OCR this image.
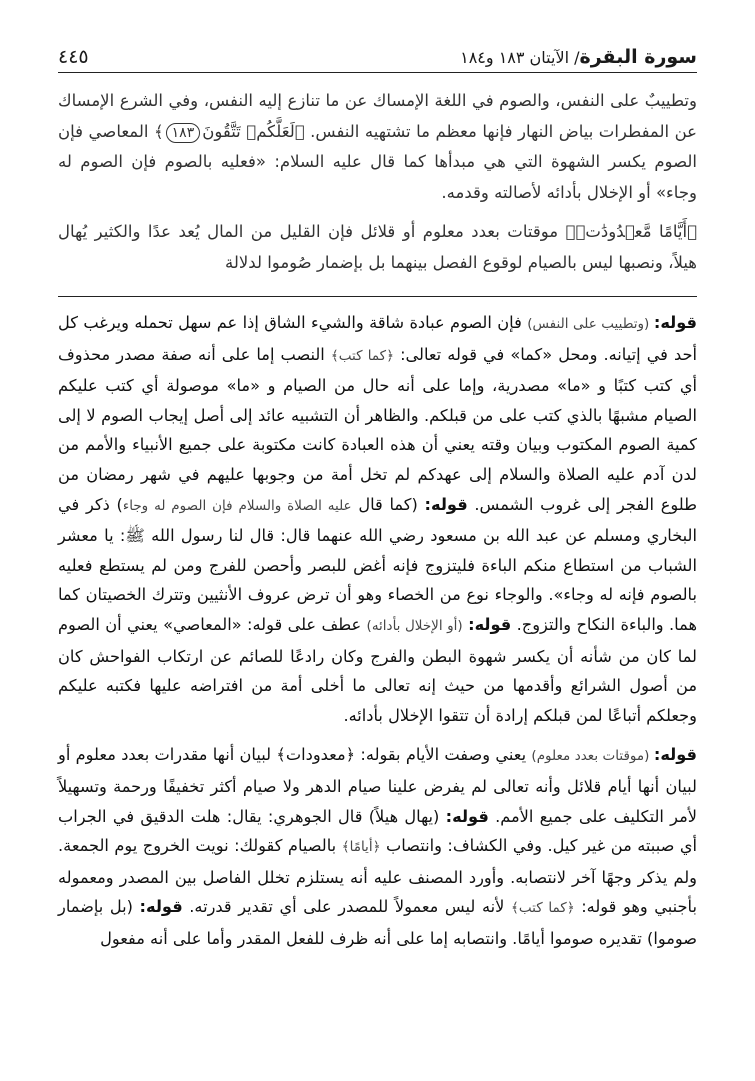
سورة البقرة/ الآيتان ١٨٣ و١٨٤
٤٤٥
وتطييبٌ على النفس، والصوم في اللغة الإمساك عن ما تنازع إليه النفس، وفي الشرع الإمساك عن المفطرات بياض النهار فإنها معظم ما تشتهيه النفس. ﴿لَعَلَّكُمۡ تَتَّقُونَ١٨٣﴾ المعاصي فإن الصوم يكسر الشهوة التي هي مبدأها كما قال عليه السلام: «فعليه بالصوم فإن الصوم له وجاء» أو الإخلال بأدائه لأصالته وقدمه.
﴿أَيَّامًا مَّعۡدُودَٰتٖ﴾ موقتات بعدد معلوم أو قلائل فإن القليل من المال يُعد عدًا والكثير يُهال هيلاً، ونصبها ليس بالصيام لوقوع الفصل بينهما بل بإضمار صُوموا لدلالة

قوله: (وتطييب على النفس) فإن الصوم عبادة شاقة والشيء الشاق إذا عم سهل تحمله ويرغب كل أحد في إتيانه. ومحل «كما» في قوله تعالى: ﴿كما كتب﴾ النصب إما على أنه صفة مصدر محذوف أي كتب كتبًا و «ما» مصدرية، وإما على أنه حال من الصيام و «ما» موصولة أي كتب عليكم الصيام مشبهًا بالذي كتب على من قبلكم. والظاهر أن التشبيه عائد إلى أصل إيجاب الصوم لا إلى كمية الصوم المكتوب وبيان وقته يعني أن هذه العبادة كانت مكتوبة على جميع الأنبياء والأمم من لدن آدم عليه الصلاة والسلام إلى عهدكم لم تخل أمة من وجوبها عليهم في شهر رمضان من طلوع الفجر إلى غروب الشمس. قوله: (كما قال عليه الصلاة والسلام فإن الصوم له وجاء) ذكر في البخاري ومسلم عن عبد الله بن مسعود رضي الله عنهما قال: قال لنا رسول الله ﷺ: يا معشر الشباب من استطاع منكم الباءة فليتزوج فإنه أغض للبصر وأحصن للفرج ومن لم يستطع فعليه بالصوم فإنه له وجاء». والوجاء نوع من الخصاء وهو أن ترض عروف الأنثيين وتترك الخصيتان كما هما. والباءة النكاح والتزوج. قوله: (أو الإخلال بأدائه) عطف على قوله: «المعاصي» يعني أن الصوم لما كان من شأنه أن يكسر شهوة البطن والفرج وكان رادعًا للصائم عن ارتكاب الفواحش كان من أصول الشرائع وأقدمها من حيث إنه تعالى ما أخلى أمة من افتراضه عليها فكتبه عليكم وجعلكم أتباعًا لمن قبلكم إرادة أن تتقوا الإخلال بأدائه.

قوله: (موقتات بعدد معلوم) يعني وصفت الأيام بقوله: ﴿معدودات﴾ لبيان أنها مقدرات بعدد معلوم أو لبيان أنها أيام قلائل وأنه تعالى لم يفرض علينا صيام الدهر ولا صيام أكثر تخفيفًا ورحمة وتسهيلاً لأمر التكليف على جميع الأمم. قوله: (يهال هيلاً) قال الجوهري: يقال: هلت الدقيق في الجراب أي صببته من غير كيل. وفي الكشاف: وانتصاب ﴿أيامًا﴾ بالصيام كقولك: نويت الخروج يوم الجمعة. ولم يذكر وجهًا آخر لانتصابه. وأورد المصنف عليه أنه يستلزم تخلل الفاصل بين المصدر ومعموله بأجنبي وهو قوله: ﴿كما كتب﴾ لأنه ليس معمولاً للمصدر على أي تقدير قدرته. قوله: (بل بإضمار صوموا) تقديره صوموا أيامًا. وانتصابه إما على أنه ظرف للفعل المقدر وأما على أنه مفعول
